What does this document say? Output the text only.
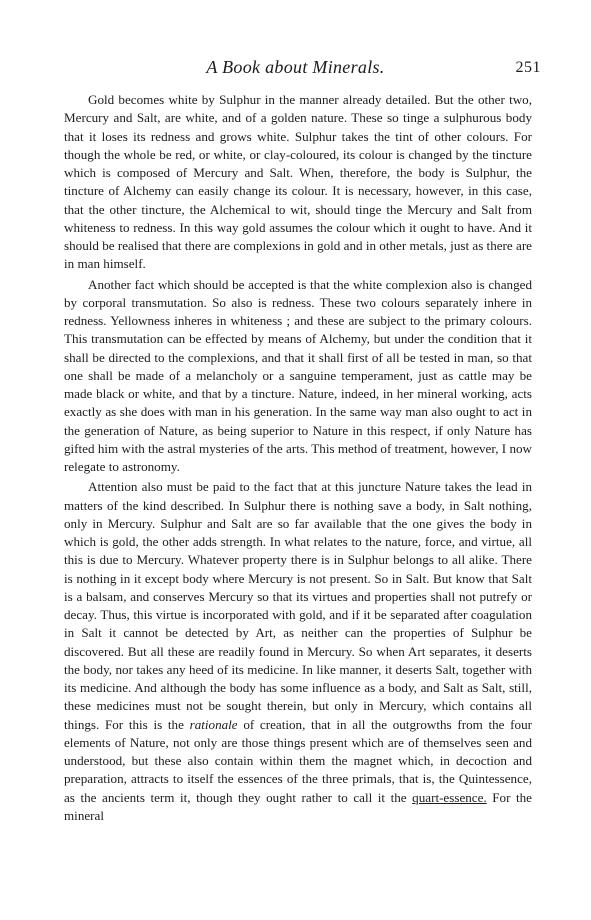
A Book about Minerals.	251

Gold becomes white by Sulphur in the manner already detailed. But the other two, Mercury and Salt, are white, and of a golden nature. These so tinge a sulphurous body that it loses its redness and grows white. Sulphur takes the tint of other colours. For though the whole be red, or white, or clay-coloured, its colour is changed by the tincture which is composed of Mercury and Salt. When, therefore, the body is Sulphur, the tincture of Alchemy can easily change its colour. It is necessary, however, in this case, that the other tincture, the Alchemical to wit, should tinge the Mercury and Salt from whiteness to redness. In this way gold assumes the colour which it ought to have. And it should be realised that there are complexions in gold and in other metals, just as there are in man himself.

Another fact which should be accepted is that the white complexion also is changed by corporal transmutation. So also is redness. These two colours separately inhere in redness. Yellowness inheres in whiteness ; and these are subject to the primary colours. This transmutation can be effected by means of Alchemy, but under the condition that it shall be directed to the complexions, and that it shall first of all be tested in man, so that one shall be made of a melancholy or a sanguine temperament, just as cattle may be made black or white, and that by a tincture. Nature, indeed, in her mineral working, acts exactly as she does with man in his generation. In the same way man also ought to act in the generation of Nature, as being superior to Nature in this respect, if only Nature has gifted him with the astral mysteries of the arts. This method of treatment, however, I now relegate to astronomy.

Attention also must be paid to the fact that at this juncture Nature takes the lead in matters of the kind described. In Sulphur there is nothing save a body, in Salt nothing, only in Mercury. Sulphur and Salt are so far available that the one gives the body in which is gold, the other adds strength. In what relates to the nature, force, and virtue, all this is due to Mercury. Whatever property there is in Sulphur belongs to all alike. There is nothing in it except body where Mercury is not present. So in Salt. But know that Salt is a balsam, and conserves Mercury so that its virtues and properties shall not putrefy or decay. Thus, this virtue is incorporated with gold, and if it be separated after coagulation in Salt it cannot be detected by Art, as neither can the properties of Sulphur be discovered. But all these are readily found in Mercury. So when Art separates, it deserts the body, nor takes any heed of its medicine. In like manner, it deserts Salt, together with its medicine. And although the body has some influence as a body, and Salt as Salt, still, these medicines must not be sought therein, but only in Mercury, which contains all things. For this is the rationale of creation, that in all the outgrowths from the four elements of Nature, not only are those things present which are of themselves seen and understood, but these also contain within them the magnet which, in decoction and preparation, attracts to itself the essences of the three primals, that is, the Quintessence, as the ancients term it, though they ought rather to call it the quart-essence. For the mineral
